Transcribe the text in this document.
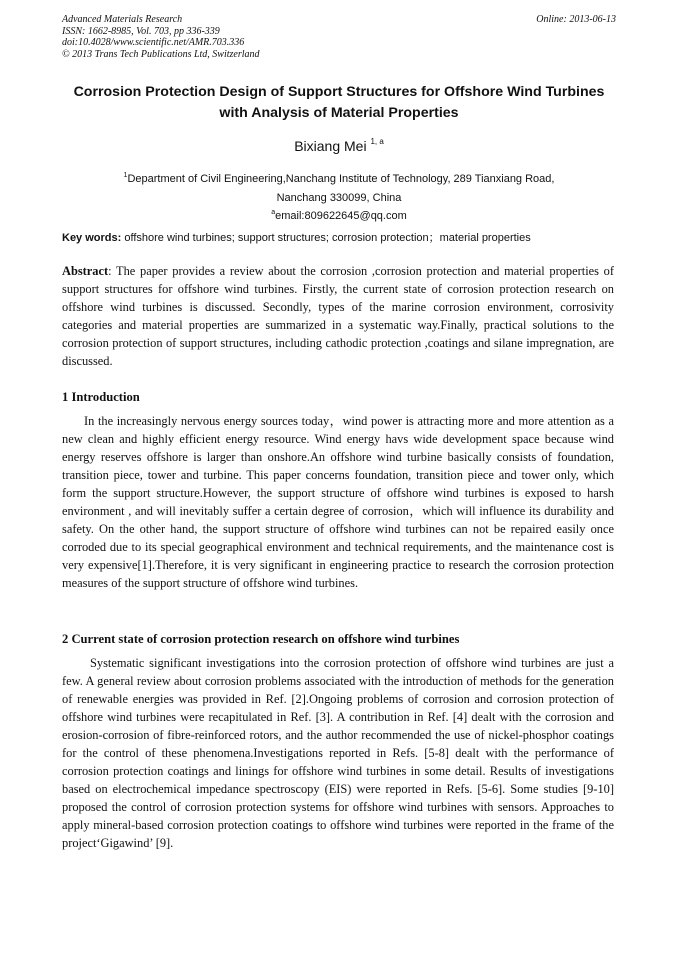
Advanced Materials Research
ISSN: 1662-8985, Vol. 703, pp 336-339
doi:10.4028/www.scientific.net/AMR.703.336
© 2013 Trans Tech Publications Ltd, Switzerland
Online: 2013-06-13
Corrosion Protection Design of Support Structures for Offshore Wind Turbines with Analysis of Material Properties
Bixiang Mei $^{1, a}$
$^1$Department of Civil Engineering,Nanchang Institute of Technology, 289 Tianxiang Road,
Nanchang 330099, China
$^a$email:809622645@qq.com
Key words: offshore wind turbines; support structures; corrosion protection；material properties
Abstract: The paper provides a review about the corrosion ,corrosion protection and material properties of support structures for offshore wind turbines. Firstly, the current state of corrosion protection research on offshore wind turbines is discussed. Secondly, types of the marine corrosion environment, corrosivity categories and material properties are summarized in a systematic way.Finally, practical solutions to the corrosion protection of support structures, including cathodic protection ,coatings and silane impregnation, are discussed.
1 Introduction
In the increasingly nervous energy sources today，wind power is attracting more and more attention as a new clean and highly efficient energy resource. Wind energy havs wide development space because wind energy reserves offshore is larger than onshore.An offshore wind turbine basically consists of foundation, transition piece, tower and turbine. This paper concerns foundation, transition piece and tower only, which form the support structure.However, the support structure of offshore wind turbines is exposed to harsh environment , and will inevitably suffer a certain degree of corrosion，which will influence its durability and safety. On the other hand, the support structure of offshore wind turbines can not be repaired easily once corroded due to its special geographical environment and technical requirements, and the maintenance cost is very expensive[1].Therefore, it is very significant in engineering practice to research the corrosion protection measures of the support structure of offshore wind turbines.
2 Current state of corrosion protection research on offshore wind turbines
Systematic significant investigations into the corrosion protection of offshore wind turbines are just a few. A general review about corrosion problems associated with the introduction of methods for the generation of renewable energies was provided in Ref. [2].Ongoing problems of corrosion and corrosion protection of offshore wind turbines were recapitulated in Ref. [3]. A contribution in Ref. [4] dealt with the corrosion and erosion-corrosion of fibre-reinforced rotors, and the author recommended the use of nickel-phosphor coatings for the control of these phenomena.Investigations reported in Refs. [5-8] dealt with the performance of corrosion protection coatings and linings for offshore wind turbines in some detail. Results of investigations based on electrochemical impedance spectroscopy (EIS) were reported in Refs. [5-6]. Some studies [9-10] proposed the control of corrosion protection systems for offshore wind turbines with sensors. Approaches to apply mineral-based corrosion protection coatings to offshore wind turbines were reported in the frame of the project‘Gigawind’ [9].
